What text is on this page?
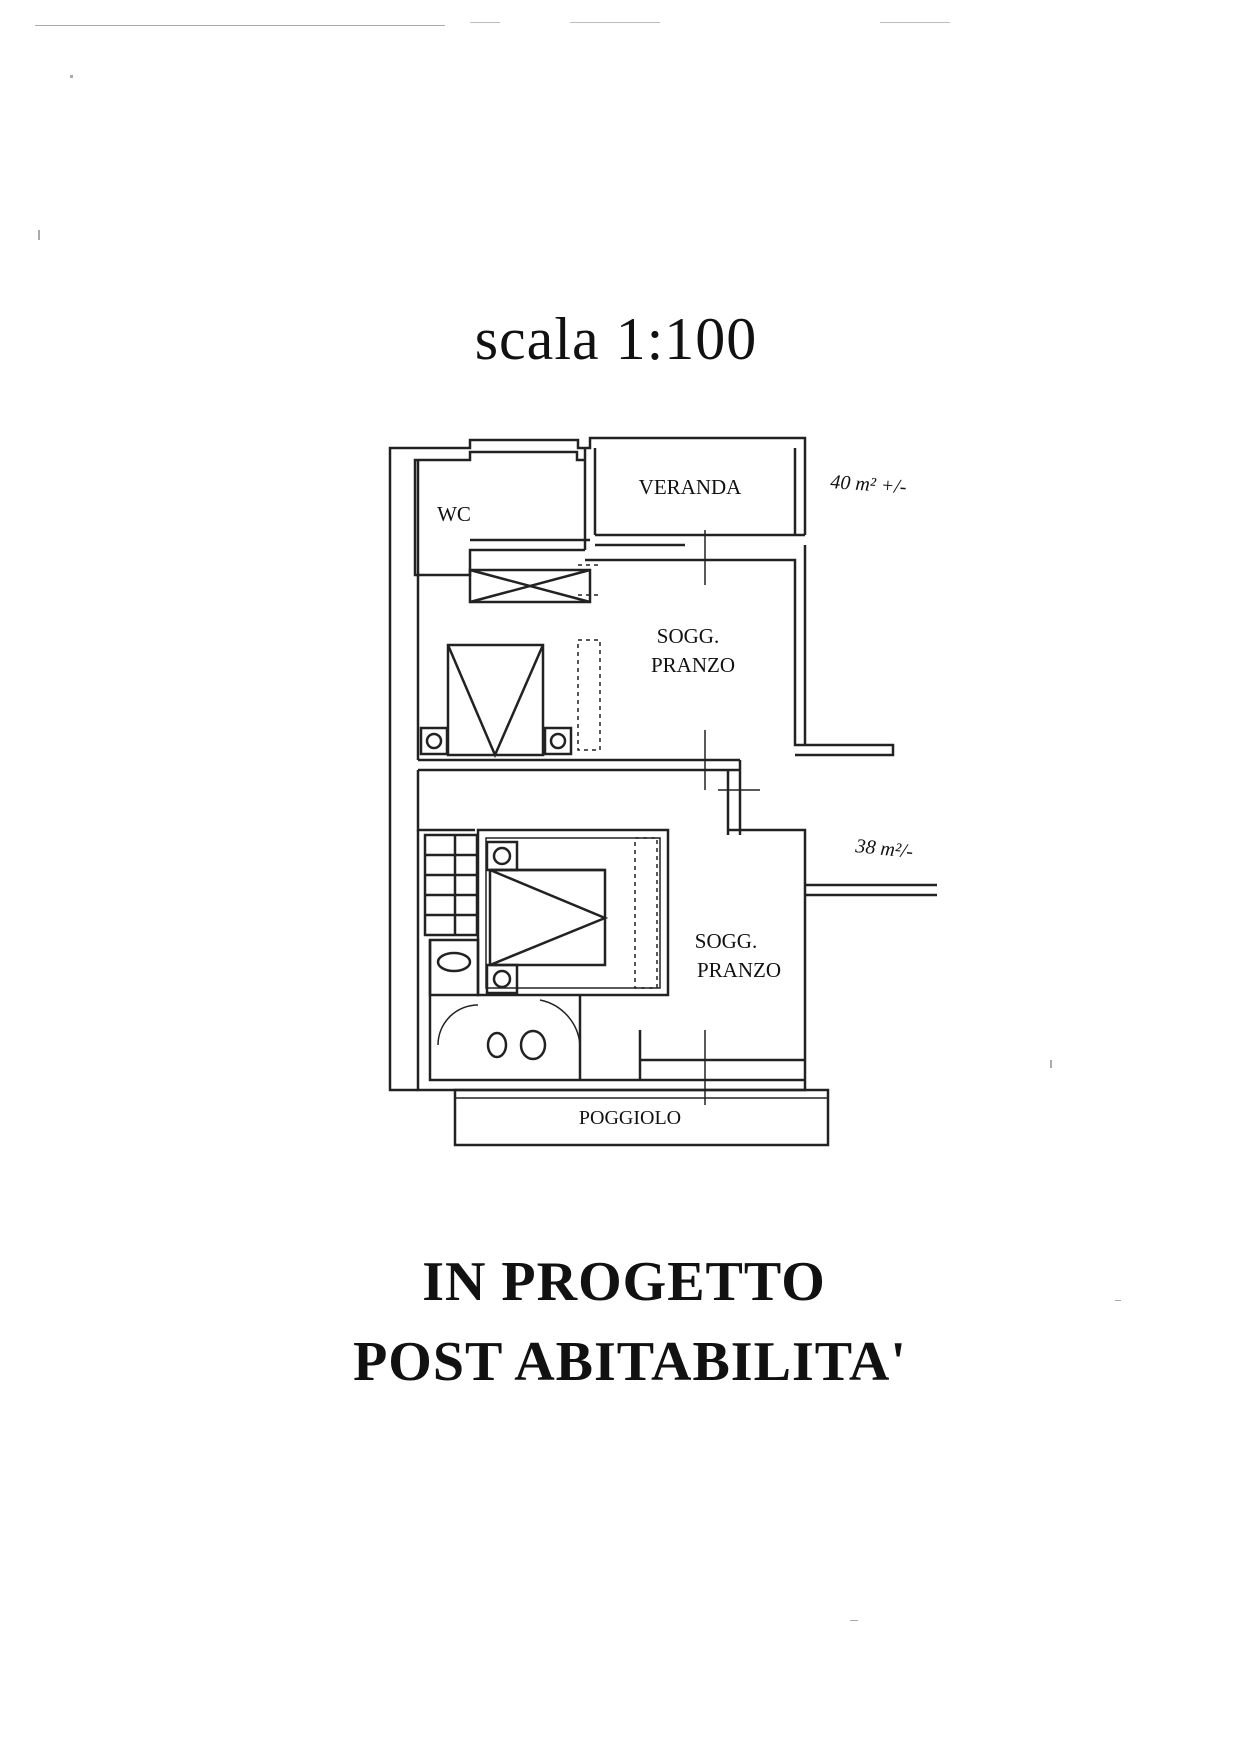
scala 1:100
WC
VERANDA
SOGG.
PRANZO
SOGG.
PRANZO
POGGIOLO
40 m² +/-
38 m²/-
IN PROGETTO
POST ABITABILITA'
